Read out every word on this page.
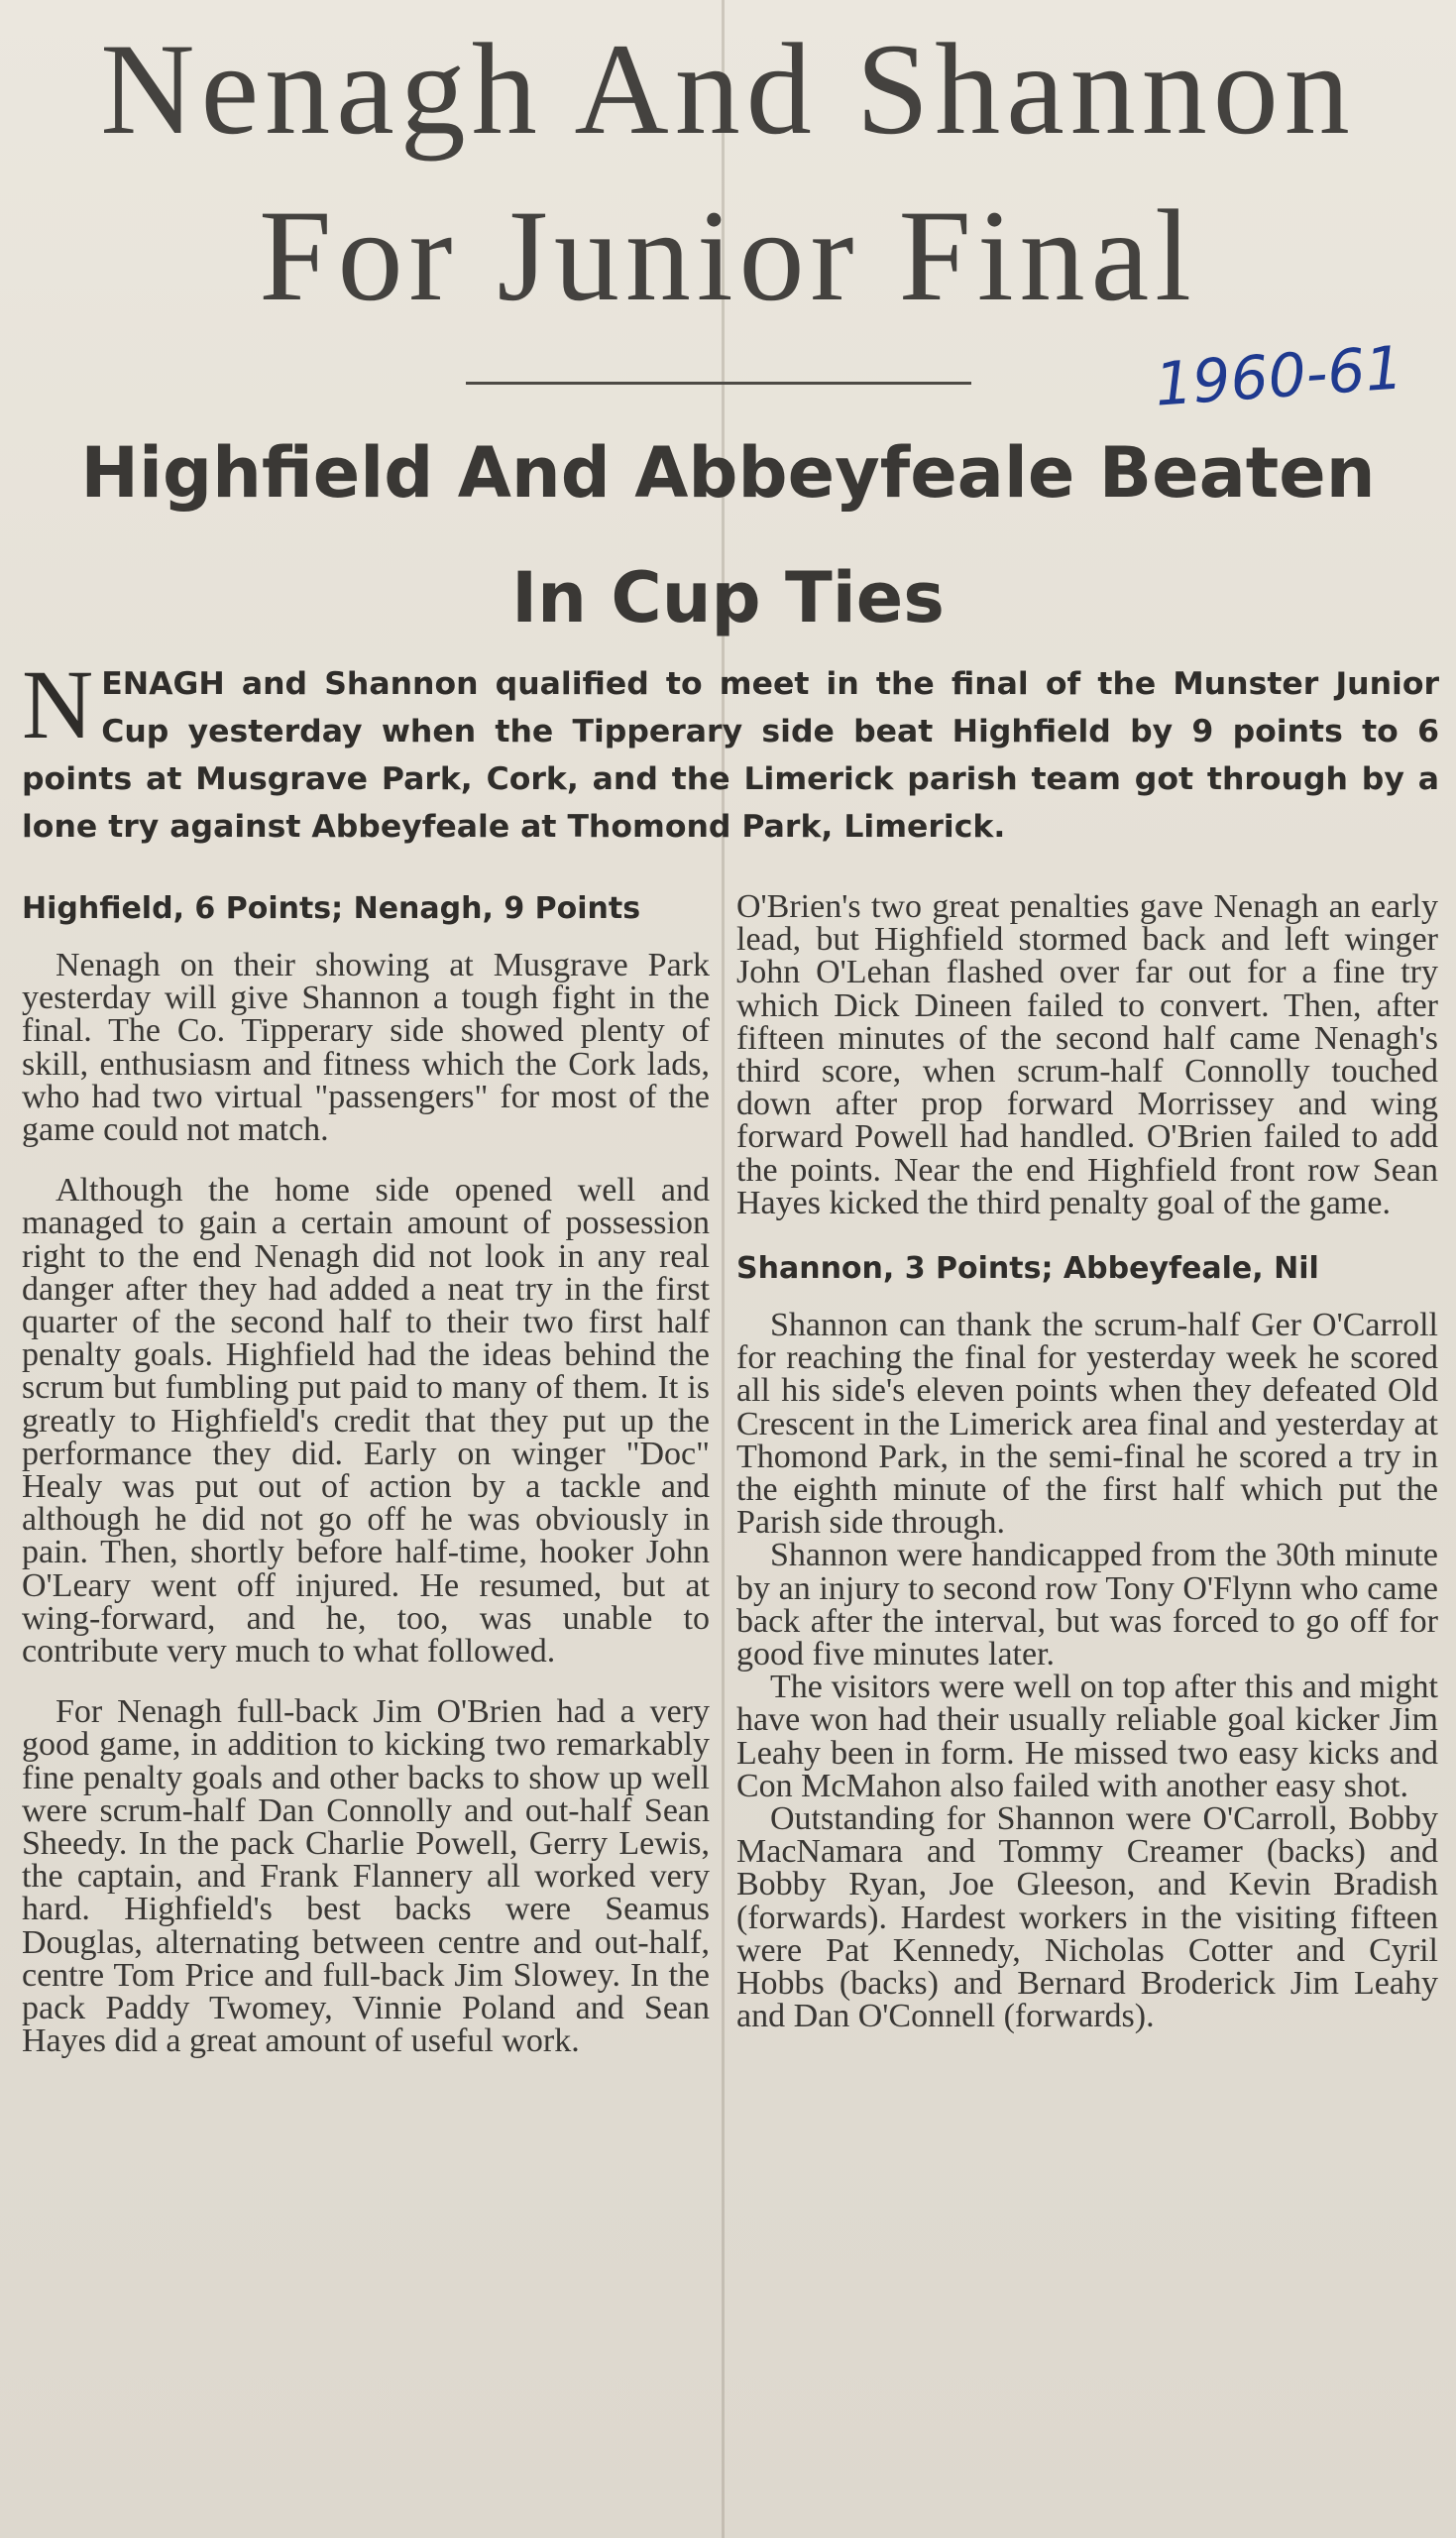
Nenagh And Shannon
For Junior Final
1960-61
Highfield And Abbeyfeale Beaten
In Cup Ties

N ENAGH and Shannon qualified to meet in the final of the Munster Junior Cup yesterday when the Tipperary side beat Highfield by 9 points to 6 points at Musgrave Park, Cork, and the Limerick parish team got through by a lone try against Abbeyfeale at Thomond Park, Limerick.

Highfield, 6 Points; Nenagh, 9 Points

Nenagh on their showing at Musgrave Park yesterday will give Shannon a tough fight in the final. The Co. Tipperary side showed plenty of skill, enthusiasm and fitness which the Cork lads, who had two virtual "passengers" for most of the game could not match.

Although the home side opened well and managed to gain a certain amount of possession right to the end Nenagh did not look in any real danger after they had added a neat try in the first quarter of the second half to their two first half penalty goals. Highfield had the ideas behind the scrum but fumbling put paid to many of them. It is greatly to Highfield's credit that they put up the performance they did. Early on winger "Doc" Healy was put out of action by a tackle and although he did not go off he was obviously in pain. Then, shortly before half-time, hooker John O'Leary went off injured. He resumed, but at wing-forward, and he, too, was unable to contribute very much to what followed.

For Nenagh full-back Jim O'Brien had a very good game, in addition to kicking two remarkably fine penalty goals and other backs to show up well were scrum-half Dan Connolly and out-half Sean Sheedy. In the pack Charlie Powell, Gerry Lewis, the captain, and Frank Flannery all worked very hard. Highfield's best backs were Seamus Douglas, alternating between centre and out-half, centre Tom Price and full-back Jim Slowey. In the pack Paddy Twomey, Vinnie Poland and Sean Hayes did a great amount of useful work.

O'Brien's two great penalties gave Nenagh an early lead, but Highfield stormed back and left winger John O'Lehan flashed over far out for a fine try which Dick Dineen failed to convert. Then, after fifteen minutes of the second half came Nenagh's third score, when scrum-half Connolly touched down after prop forward Morrissey and wing forward Powell had handled. O'Brien failed to add the points. Near the end Highfield front row Sean Hayes kicked the third penalty goal of the game.

Shannon, 3 Points; Abbeyfeale, Nil

Shannon can thank the scrum-half Ger O'Carroll for reaching the final for yesterday week he scored all his side's eleven points when they defeated Old Crescent in the Limerick area final and yesterday at Thomond Park, in the semi-final he scored a try in the eighth minute of the first half which put the Parish side through.

Shannon were handicapped from the 30th minute by an injury to second row Tony O'Flynn who came back after the interval, but was forced to go off for good five minutes later.

The visitors were well on top after this and might have won had their usually reliable goal kicker Jim Leahy been in form. He missed two easy kicks and Con McMahon also failed with another easy shot.

Outstanding for Shannon were O'Carroll, Bobby MacNamara and Tommy Creamer (backs) and Bobby Ryan, Joe Gleeson, and Kevin Bradish (forwards). Hardest workers in the visiting fifteen were Pat Kennedy, Nicholas Cotter and Cyril Hobbs (backs) and Bernard Broderick Jim Leahy and Dan O'Connell (forwards).
